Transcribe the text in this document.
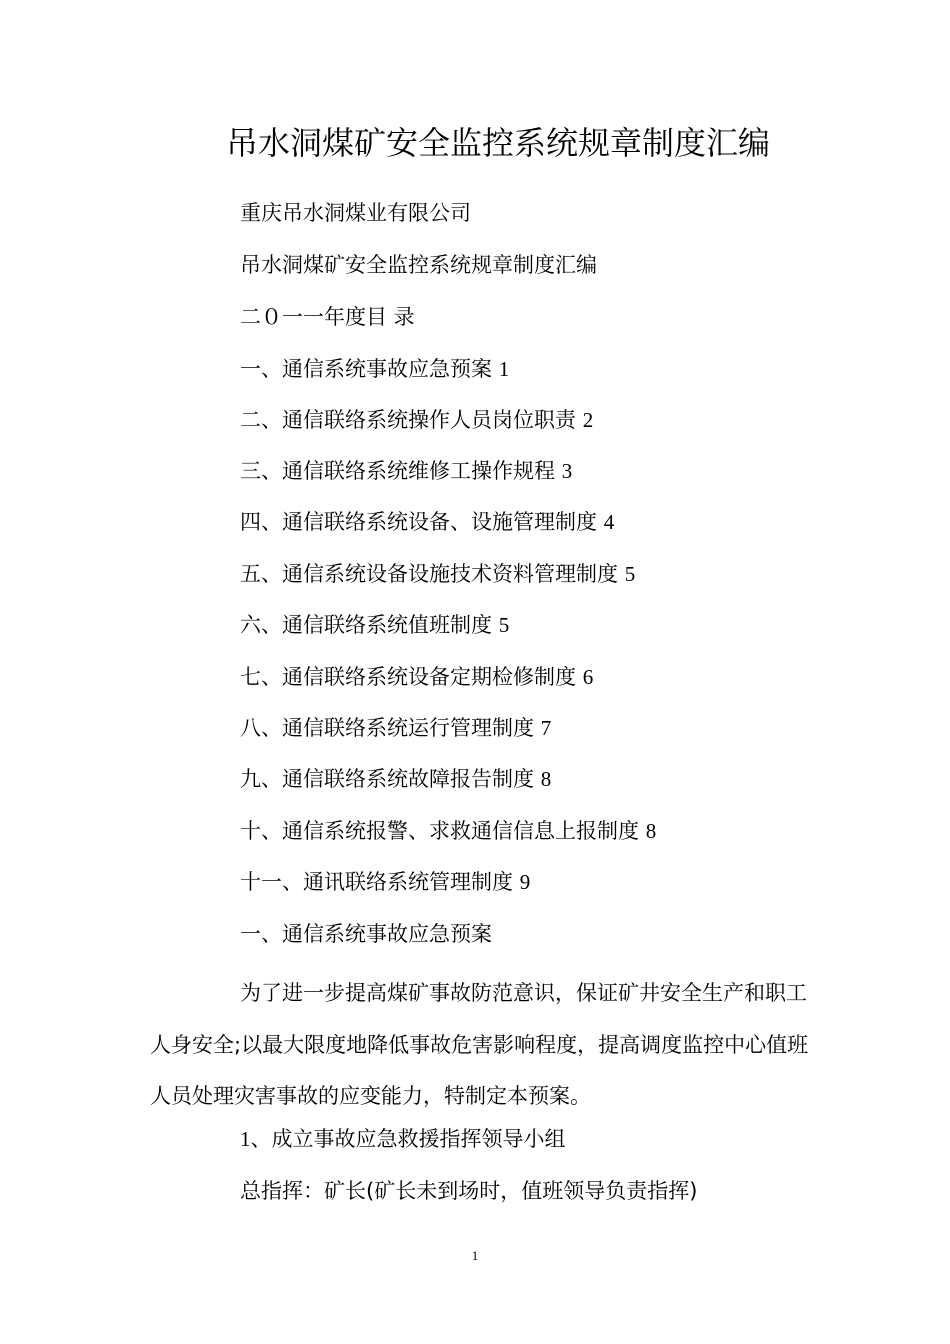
吊水洞煤矿安全监控系统规章制度汇编

重庆吊水洞煤业有限公司

吊水洞煤矿安全监控系统规章制度汇编

二０一一年度目 录

一、通信系统事故应急预案 1

二、通信联络系统操作人员岗位职责 2

三、通信联络系统维修工操作规程 3

四、通信联络系统设备、设施管理制度 4

五、通信系统设备设施技术资料管理制度 5

六、通信联络系统值班制度 5

七、通信联络系统设备定期检修制度 6

八、通信联络系统运行管理制度 7

九、通信联络系统故障报告制度 8

十、通信系统报警、求救通信信息上报制度 8

十一、通讯联络系统管理制度 9

一、通信系统事故应急预案

为了进一步提高煤矿事故防范意识，保证矿井安全生产和职工人身安全;以最大限度地降低事故危害影响程度，提高调度监控中心值班人员处理灾害事故的应变能力，特制定本预案。

1、成立事故应急救援指挥领导小组

总指挥：矿长(矿长未到场时，值班领导负责指挥)

1
